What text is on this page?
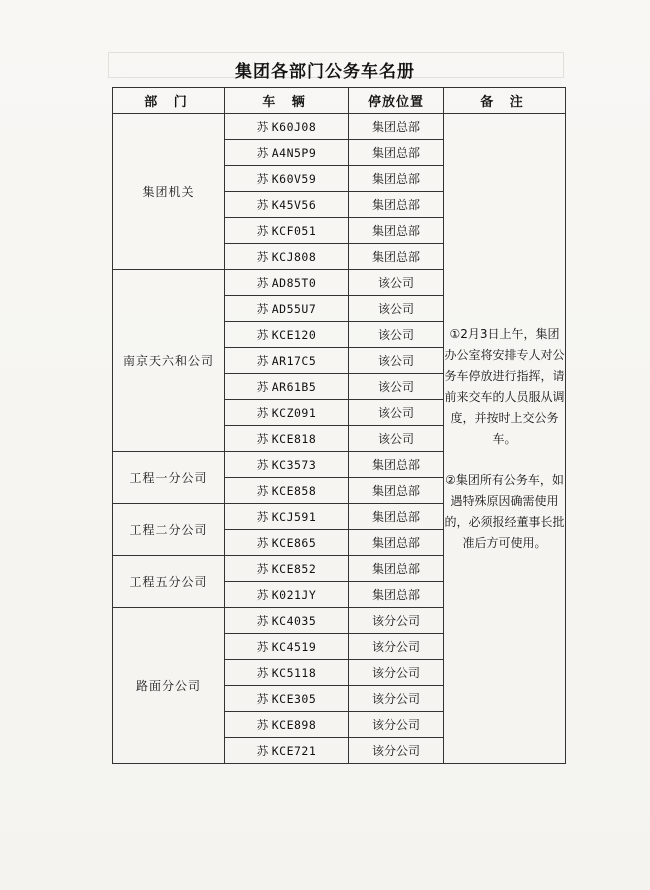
集团各部门公务车名册
部 门	车 辆	停放位置	备 注
集团机关	苏 K60J08	集团总部	①2月3日上午，集团办公室将安排专人对公务车停放进行指挥，请前来交车的人员服从调度，并按时上交公务车。

②集团所有公务车，如遇特殊原因确需使用的，必须报经董事长批准后方可使用。

	苏 A4N5P9	集团总部	
	苏 K60V59	集团总部	
	苏 K45V56	集团总部	
	苏 KCF051	集团总部	
	苏 KCJ808	集团总部	
南京天六和公司	苏 AD85T0	该公司	
	苏 AD55U7	该公司	
	苏 KCE120	该公司	
	苏 AR17C5	该公司	
	苏 AR61B5	该公司	
	苏 KCZ091	该公司	
	苏 KCE818	该公司	
工程一分公司	苏 KC3573	集团总部	
	苏 KCE858	集团总部	
工程二分公司	苏 KCJ591	集团总部	
	苏 KCE865	集团总部	
工程五分公司	苏 KCE852	集团总部	
	苏 K021JY	集团总部	
路面分公司	苏 KC4035	该分公司	
	苏 KC4519	该分公司	
	苏 KC5118	该分公司	
	苏 KCE305	该分公司	
	苏 KCE898	该分公司	
	苏 KCE721	该分公司	
